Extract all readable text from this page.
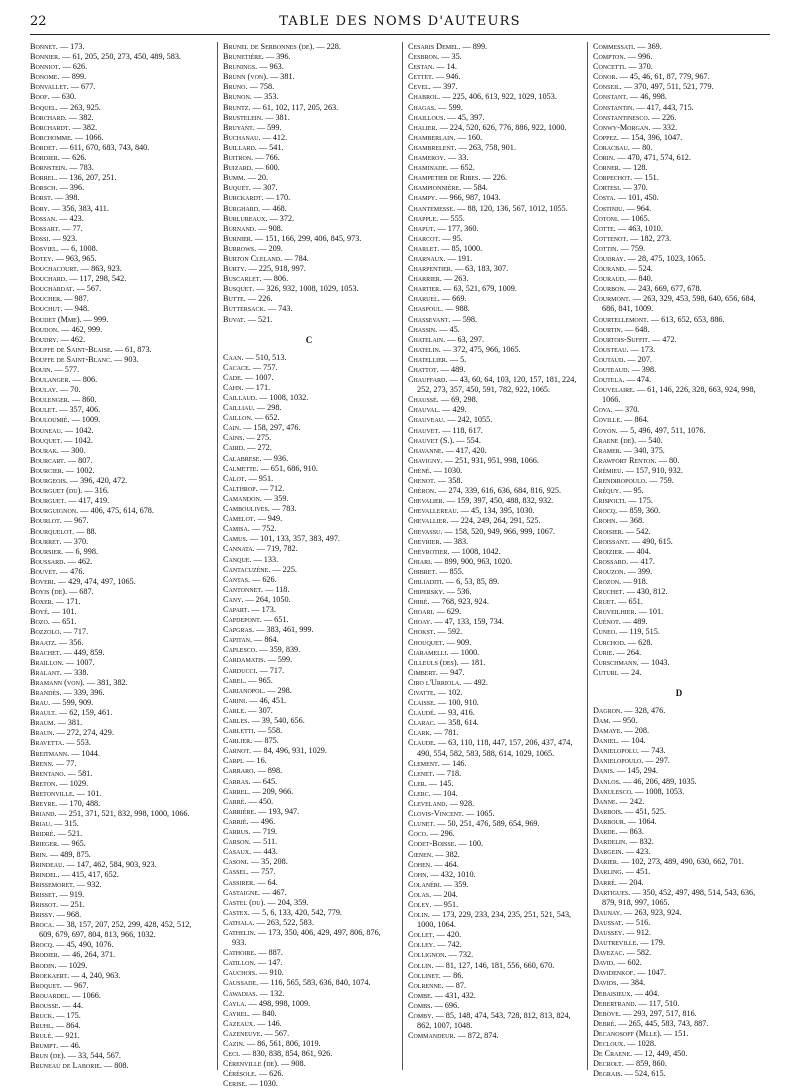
22	TABLE DES NOMS D'AUTEURS

Bonnet. — 173.

Bonnier. — 61, 205, 250, 273, 450, 489, 583.

Bonniot. — 626.

Bonome. — 899.

Bonvallet. — 677.

Boof. — 630.

Boquel. — 263, 925.

Borchard. — 382.

Borchardt. — 382.

Borchomme. — 1066.

Bordet. — 611, 670, 683, 743, 840.

Bordier. — 626.

Bornstein. — 783.

Borrel. — 136, 207, 251.

Borsch. — 396.

Borst. — 398.

Bory. — 356, 383, 411.

Bossan. — 423.

Bossart. — 77.

Bossi. — 923.

Bosviel. — 6, 1008.

Botey. — 963, 965.

Bouchacourt. — 863, 923.

Bouchard. — 117, 298, 542.

Bouchardat. — 567.

Boucher. — 987.

Bouchut. — 948.

Boudet (Mme). — 999.

Boudon. — 462, 999.

Boudry. — 462.

Bouffe de Saint-Blaise. — 61, 873.

Bouffe de Saint-Blanc. — 903.

Bouin. — 577.

Boulanger. — 806.

Boulay. — 70.

Boulenger. — 860.

Boulet. — 357, 406.

Bouloumié. — 1009.

Bouneau. — 1042.

Bouquet. — 1042.

Bourak. — 300.

Bourcart. — 807.

Bourcier. — 1002.

Bourgeois. — 396, 420, 472.

Bourguet (du). — 316.

Bourguet. — 417, 419.

Bourguignon. — 406, 475, 614, 678.

Bourlot. — 967.

Bourquelot. — 88.

Bourret. — 370.

Boursier. — 6, 998.

Boussard. — 462.

Bouvet. — 476.

Boveri. — 429, 474, 497, 1065.

Boyis (de). — 687.

Boxer. — 171.

Boyé. — 101.

Bozo. — 651.

Bozzolo. — 717.

Braatz. — 356.

Brachet. — 449, 859.

Braillon. — 1007.

Bralant. — 338.

Bramann (von). — 381, 382.

Brandès. — 339, 396.

Brau. — 599, 909.

Brault. — 62, 159, 461.

Braum. — 381.

Braun. — 272, 274, 429.

Bravetta. — 553.

Breitmann. — 1044.

Brenn. — 77.

Brentano. — 581.

Breton. — 1029.

Bretonville. — 101.

Breyre. — 170, 488.

Briand. — 251, 371, 521, 832, 998, 1000, 1066.

Briau. — 315.

Bridré. — 521.

Brieger. — 965.

Brin. — 489, 875.

Brindeau. — 147, 462, 584, 903, 923.

Brindel. — 415, 417, 652.

Brissemoret. — 932.

Brisset. — 919.

Brissot. — 251.

Brissy. — 968.

Broca. — 38, 157, 207, 252, 299, 428, 452, 512, 609, 679, 697, 804, 813, 966, 1032.

Brocq. — 45, 490, 1076.

Brodier. — 46, 264, 371.

Brodin. — 1029.

Broekaert. — 4, 240, 963.

Broquet. — 967.

Brouardel. — 1066.

Brousse. — 44.

Bruck. — 175.

Bruhl. — 864.

Brulé. — 921.

Brumpt. — 46.

Brun (de). — 33, 544, 567.

Bruneau de Laborie. — 808.

Brunel de Serbonnes (de). — 228.

Brunetière. — 396.

Brunings. — 963.

Brunn (von). — 381.

Bruno. — 758.

Brunon. — 353.

Bruntz. — 61, 102, 117, 205, 263.

Brustelein. — 381.

Bruyant. — 599.

Buchanau. — 412.

Buillard. — 541.

Buitron. — 766.

Buizard. — 600.

Bumm. — 20.

Buquet. — 307.

Burckardt. — 170.

Burghard. — 468.

Burlureaux. — 372.

Burnand. — 908.

Burnier. — 151, 166, 299, 406, 845, 973.

Burrows. — 209.

Burton Cleland. — 784.

Burty. — 225, 918, 997.

Buscarlet. — 806.

Busquet. — 326, 932, 1008, 1029, 1053.

Butte. — 226.

Buttersack. — 743.

Buvat. — 521.

C

Caan. — 510, 513.

Cacace. — 757.

Cade. — 1007.

Cahn. — 171.

Caillaud. — 1008, 1032.

Cailliau. — 298.

Caillon. — 652.

Cain. — 158, 297, 476.

Cains. — 275.

Caird. — 272.

Calabrese. — 936.

Calmette. — 651, 686, 910.

Calot. — 951.

Calthrop. — 712.

Camandon. — 359.

Camboulives. — 783.

Camelot. — 949.

Camisa. — 752.

Camus. — 101, 133, 357, 383, 497.

Cannata. — 719, 782.

Canque. — 133.

Cantacuzène. — 225.

Cantas. — 626.

Cantonnet. — 118.

Cany. — 264, 1050.

Capart. — 173.

Capdepont. — 651.

Capgras. — 383, 461, 999.

Capitan. — 864.

Caplesco. — 359, 839.

Cardamatis. — 599.

Carducci. — 717.

Carel. — 965.

Carianopol. — 298.

Carini. — 46, 451.

Carle. — 307.

Carles. — 39, 540, 656.

Carletti. — 558.

Carlier. — 875.

Carnot. — 84, 496, 931, 1029.

Carpi. — 16.

Carraro. — 898.

Carras. — 645.

Carrel. — 209, 966.

Carré. — 450.

Carrière. — 193, 947.

Carrié. — 496.

Carrus. — 719.

Carson. — 511.

Casaux. — 443.

Casoni. — 35, 208.

Cassel. — 757.

Cassirer. — 64.

Castaigne. — 467.

Castel (du). — 204, 359.

Castex. — 5, 6, 133, 420, 542, 779.

Cathala. — 263, 522, 583.

Cathelin. — 173, 350, 406, 429, 497, 806, 876, 933.

Cathoire. — 887.

Catillon. — 147.

Cauchois. — 910.

Caussade. — 116, 565, 583, 636, 840, 1074.

Cawadias. — 132.

Cayla. — 498, 998, 1009.

Cayrel. — 840.

Cazeaux. — 146.

Cazeneuve. — 567.

Cazin. — 86, 561, 806, 1019.

Ceci. — 830, 838, 854, 861, 926.

Cérenville (de). — 908.

Cérésole. — 626.

Cerise. — 1030.

Cesaris Demel. — 899.

Cesbron. — 35.

Cestan. — 14.

Cettet. — 946.

Cevel. — 397.

Chabrol. — 225, 406, 613, 922, 1029, 1053.

Chagas. — 599.

Chaillous. — 45, 397.

Chalier. — 224, 520, 626, 776, 886, 922, 1000.

Chamberlain. — 160.

Chambrelent. — 263, 758, 901.

Chameroy. — 33.

Chaminade. — 652.

Champetier de Ribes. — 226.

Championnière. — 584.

Champy. — 966, 987, 1043.

Chantemesse. — 88, 120, 136, 567, 1012, 1055.

Chapple. — 555.

Chaput. — 177, 360.

Charcot. — 95.

Charlet. — 85, 1000.

Charnaux. — 191.

Charpentier. — 63, 183, 307.

Charrier. — 263.

Chartier. — 63, 521, 679, 1009.

Charuel. — 669.

Chaspoul. — 988.

Chassevant. — 598.

Chassin. — 45.

Chatelain. — 63, 297.

Chatelin. — 372, 475, 966, 1065.

Chatellier. — 5.

Chattot. — 489.

Chauffard. — 43, 60, 64, 103, 120, 157, 181, 224, 252, 273, 357, 450, 591, 782, 922, 1065.

Chaussé. — 69, 298.

Chauval. — 429.

Chauveau. — 242, 1055.

Chauvet. — 118, 617.

Chauvet (S.). — 554.

Chavanne. — 417, 420.

Chavigny. — 251, 931, 951, 998, 1066.

Chené. — 1030.

Chenot. — 358.

Chéron. — 274, 339, 616, 636, 684, 816, 925.

Chevalier. — 159, 397, 450, 488, 832, 932.

Chevallereau. — 45, 134, 395, 1030.

Chevallier. — 224, 249, 264, 291, 525.

Chevassu. — 158, 520, 949, 966, 999, 1067.

Chevrier. — 383.

Chevrotier. — 1008, 1042.

Chiari. — 899, 900, 963, 1020.

Chibret. — 855.

Chiliaditi. — 6, 53, 85, 89.

Chipersky. — 536.

Chiré. — 768, 923, 924.

Choari. — 629.

Choay. — 47, 133, 159, 734.

Chokst. — 592.

Chouquet. — 909.

Ciaramelli. — 1000.

Cilleuls (des). — 181.

Cimbert. — 947.

Ciro l'Urriola. — 492.

Civatte. — 102.

Claisse. — 100, 910.

Claudé. — 93, 416.

Clarac. — 358, 614.

Clark. — 781.

Claude. — 63, 110, 118, 447, 157, 206, 437, 474, 490, 554, 582, 583, 588, 614, 1029, 1065.

Clement. — 146.

Clenet. — 718.

Cler. — 145.

Clerc. — 104.

Cleveland. — 928.

Clovis-Vincent. — 1065.

Clunet. — 50, 251, 476, 589, 654, 969.

Coco. — 296.

Codet-Boisse. — 100.

Cœnen. — 382.

Cohen. — 464.

Cohn. — 432, 1010.

Colanéri. — 359.

Colas. — 204.

Coley. — 951.

Colin. — 173, 229, 233, 234, 235, 251, 521, 543, 1000, 1064.

Collet. — 420.

Colley. — 742.

Collignon. — 732.

Collin. — 81, 127, 146, 181, 556, 660, 670.

Collinet. — 86.

Colrenne. — 87.

Combe. — 431, 432.

Combs. — 696.

Comby. — 85, 148, 474, 543, 728, 812, 813, 824, 862, 1007, 1048.

Commandeur. — 872, 874.

Commessati. — 369.

Compton. — 996.

Concetti. — 370.

Conor. — 45, 46, 61, 87, 779, 967.

Conseil. — 370, 497, 511, 521, 779.

Constant. — 46, 998.

Constantin. — 417, 443, 715.

Constantinesco. — 226.

Conwy-Morgan. — 332.

Coppez. — 154, 396, 1047.

Coracbau. — 80.

Corin. — 470, 471, 574, 612.

Corner. — 128.

Corpechot. — 151.

Cortesi. — 370.

Costa. — 101, 450.

Costiniu. — 964.

Cotoni. — 1065.

Cotte. — 463, 1010.

Cottenot. — 182, 273.

Cottin. — 759.

Coudray. — 28, 475, 1023, 1065.

Courand. — 524.

Couraud. — 840.

Courbon. — 243, 669, 677, 678.

Courmont. — 263, 329, 453, 598, 640, 656, 684, 686, 841, 1009.

Courtellemont. — 613, 652, 653, 886.

Courtin. — 648.

Courtois-Suffit. — 472.

Cousteau. — 173.

Coutaud. — 207.

Couteaud. — 398.

Coutela. — 474.

Couvelaire. — 61, 146, 226, 328, 663, 924, 998, 1066.

Cova. — 370.

Coville. — 864.

Coyon. — 5, 496, 497, 511, 1076.

Craene (de). — 540.

Cramer. — 340, 375.

Crawfort Renton. — 80.

Crémieu. — 157, 910, 932.

Crendiropoulo. — 759.

Créquy. — 95.

Crispolti. — 175.

Crocq. — 859, 360.

Crohn. — 368.

Croisier. — 542.

Croissant. — 490, 615.

Croizier. — 404.

Crossard. — 417.

Crouzon. — 399.

Crozon. — 918.

Cruchet. — 430, 812.

Cruet. — 651.

Cruveilhier. — 101.

Cuénot. — 489.

Cuneo. — 119, 515.

Curchod. — 628.

Curie. — 264.

Curschmann. — 1043.

Cuturi. — 24.

D

Dagron. — 328, 476.

Dam. — 950.

Damaye. — 208.

Daniel. — 104.

Danielopolu. — 743.

Danielopoulo. — 297.

Danis. — 145, 294.

Danlos. — 46, 206, 489, 1035.

Danulesco. — 1008, 1053.

Danne. — 242.

Darbois. — 451, 525.

Darbour. — 1064.

Darde. — 863.

Dardelin. — 832.

Dargein. — 423.

Darier. — 102, 273, 489, 490, 630, 662, 701.

Darling. — 451.

Darré. — 204.

Dartigues. — 350, 452, 497, 498, 514, 543, 636, 879, 918, 997, 1065.

Daunay. — 263, 923, 924.

Daussat. — 516.

Daussey. — 912.

Dautreville. — 179.

Davezac. — 582.

David. — 602.

Davidenkof. — 1047.

Davids. — 384.

Debaisieux. — 404.

Debertrand. — 117, 510.

Debove. — 293, 297, 517, 816.

Debré. — 265, 445, 583, 743, 887.

Decanosoff (Mlle). — 151.

Decloux. — 1028.

De Craene. — 12, 449, 450.

Decrolt. — 859, 860.

Degrais. — 524, 615.
